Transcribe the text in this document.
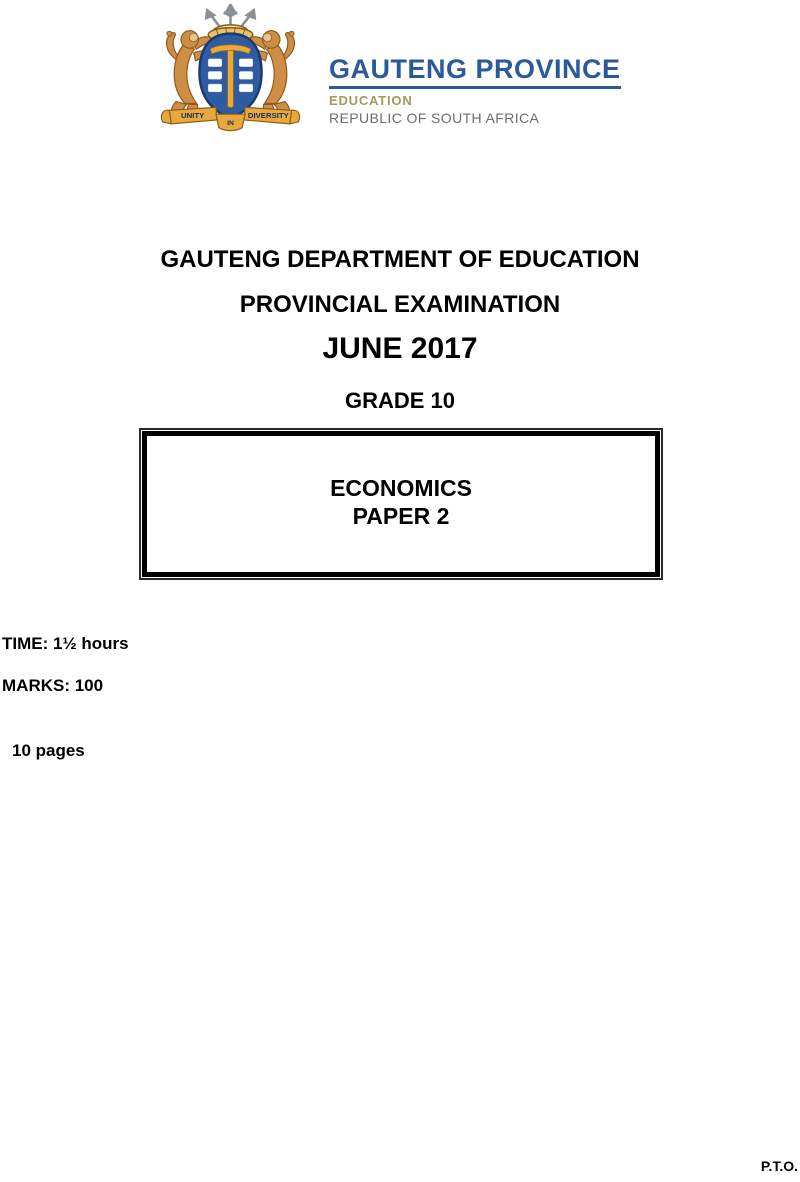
UNITY
IN
DIVERSITY
GAUTENG PROVINCE
EDUCATION
REPUBLIC OF SOUTH AFRICA
GAUTENG DEPARTMENT OF EDUCATION
PROVINCIAL EXAMINATION
JUNE 2017
GRADE 10
ECONOMICS
PAPER 2
TIME: 1½ hours
MARKS: 100
10 pages
P.T.O.
